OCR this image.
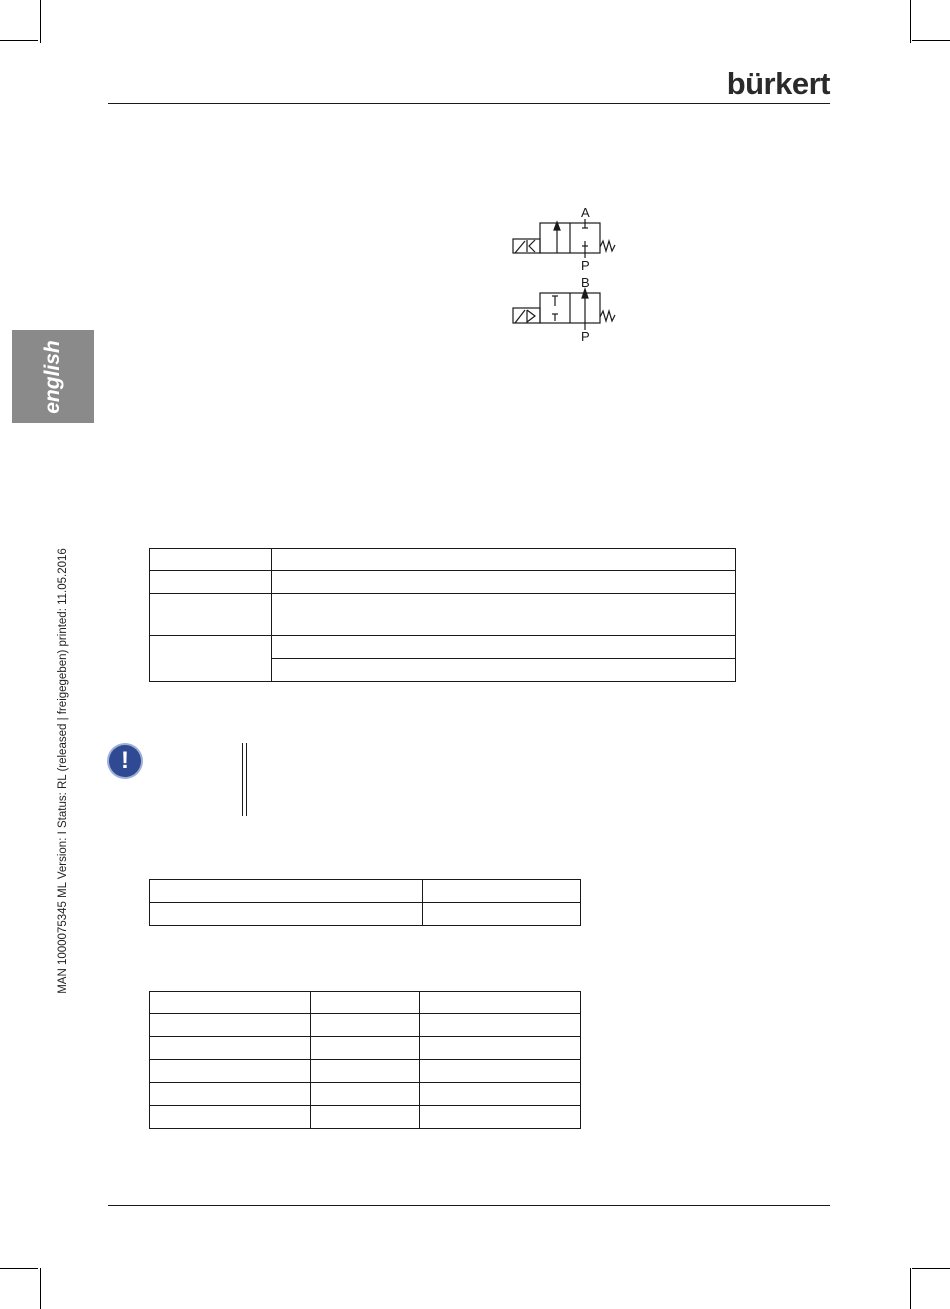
bürkert
english
MAN 1000075345 ML Version: I Status: RL (released | freigegeben) printed: 11.05.2016
A
P
B
P

!
